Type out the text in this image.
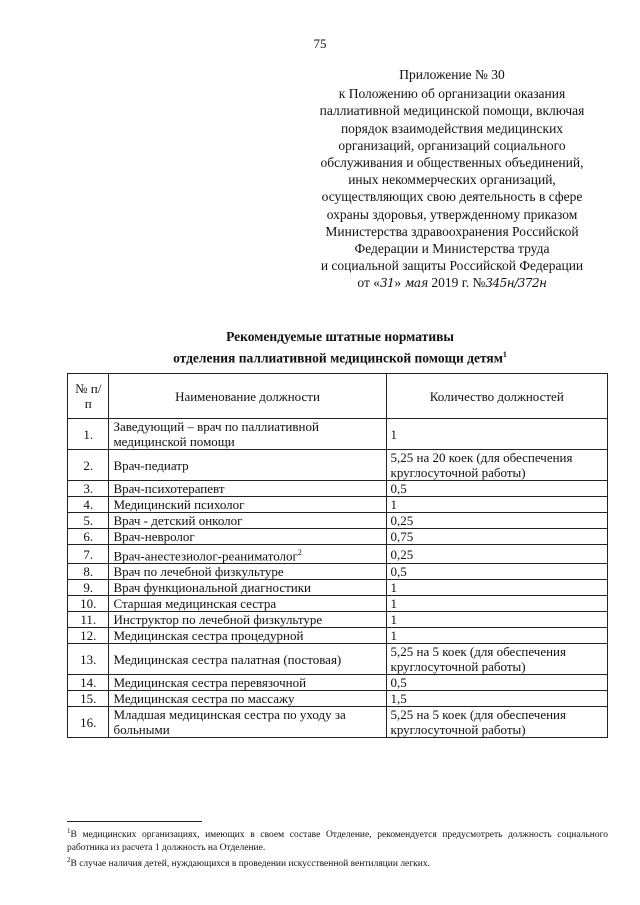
75
Приложение № 30
к Положению об организации оказания
паллиативной медицинской помощи, включая
порядок взаимодействия медицинских
организаций, организаций социального
обслуживания и общественных объединений,
иных некоммерческих организаций,
осуществляющих свою деятельность в сфере
охраны здоровья, утвержденному приказом
Министерства здравоохранения Российской
Федерации и Министерства труда
и социальной защиты Российской Федерации
от «31» мая 2019 г. №345н/372н
Рекомендуемые штатные нормативы
отделения паллиативной медицинской помощи детям$^1$
№ п/п	Наименование должности	Количество должностей
1.	Заведующий – врач по паллиативной медицинской помощи	1
2.	Врач-педиатр	5,25 на 20 коек (для обеспечения круглосуточной работы)
3.	Врач-психотерапевт	0,5
4.	Медицинский психолог	1
5.	Врач - детский онколог	0,25
6.	Врач-невролог	0,75
7.	Врач-анестезиолог-реаниматолог$^2$	0,25
8.	Врач по лечебной физкультуре	0,5
9.	Врач функциональной диагностики	1
10.	Старшая медицинская сестра	1
11.	Инструктор по лечебной физкультуре	1
12.	Медицинская сестра процедурной	1
13.	Медицинская сестра палатная (постовая)	5,25 на 5 коек (для обеспечения круглосуточной работы)
14.	Медицинская сестра перевязочной	0,5
15.	Медицинская сестра по массажу	1,5
16.	Младшая медицинская сестра по уходу за больными	5,25 на 5 коек (для обеспечения круглосуточной работы)

$^1$В медицинских организациях, имеющих в своем составе Отделение, рекомендуется предусмотреть должность социального работника из расчета 1 должность на Отделение.

$^2$В случае наличия детей, нуждающихся в проведении искусственной вентиляции легких.
